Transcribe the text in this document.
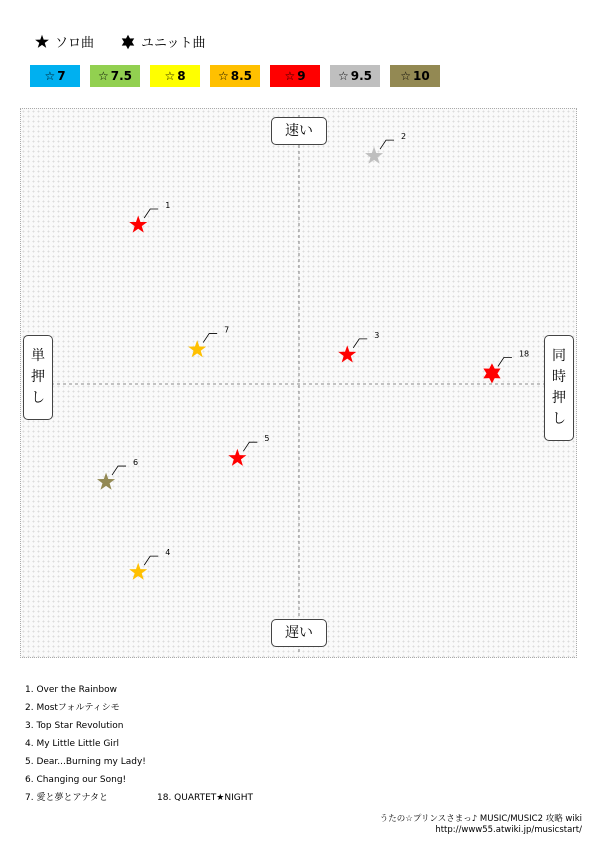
ソロ曲	ユニット曲
☆ 7	☆ 7.5	☆ 8	☆ 8.5	☆ 9	☆ 9.5 ☆ 10
2
1
7
3
18
5
6
4
速い
遅い
単
押
し
同
時
押
し
1. Over the Rainbow
2. Mostフォルティシモ
3. Top Star Revolution
4. My Little Little Girl
5. Dear...Burning my Lady!
6. Changing our Song!
7. 愛と夢とアナタと	18. QUARTET★NIGHT
うたの☆プリンスさまっ♪ MUSIC/MUSIC2 攻略 wiki
http://www55.atwiki.jp/musicstart/
